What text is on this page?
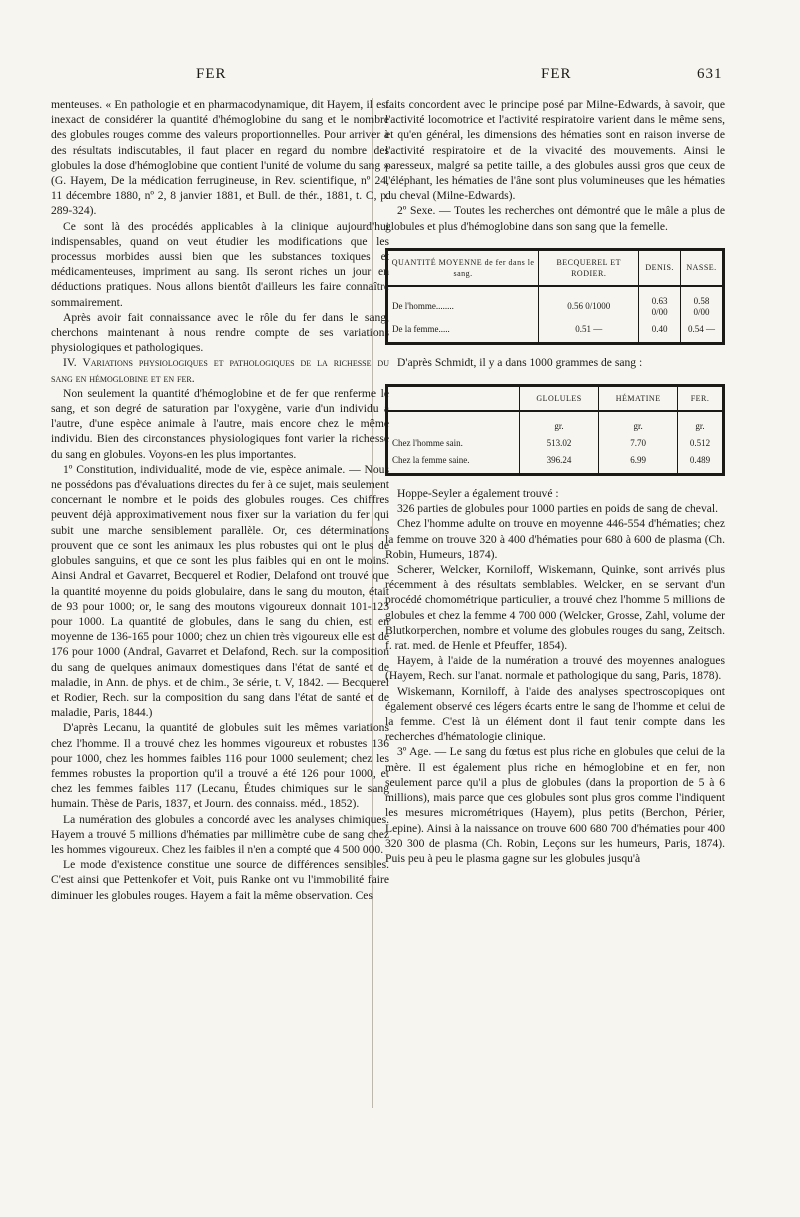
FER	FER	631

menteuses. « En pathologie et en pharmacodynamique, dit Hayem, il est inexact de considérer la quantité d'hémoglobine du sang et le nombre des globules rouges comme des valeurs proportionnelles. Pour arriver à des résultats indiscutables, il faut placer en regard du nombre des globules la dose d'hémoglobine que contient l'unité de volume du sang » (G. Hayem, De la médication ferrugineuse, in Rev. scientifique, nº 24, 11 décembre 1880, nº 2, 8 janvier 1881, et Bull. de thér., 1881, t. C, p. 289-324).

Ce sont là des procédés applicables à la clinique aujourd'hui indispensables, quand on veut étudier les modifications que les processus morbides aussi bien que les substances toxiques et médicamenteuses, impriment au sang. Ils seront riches un jour en déductions pratiques. Nous allons bientôt d'ailleurs les faire connaître sommairement.

Après avoir fait connaissance avec le rôle du fer dans le sang, cherchons maintenant à nous rendre compte de ses variations physiologiques et pathologiques.

IV. Variations physiologiques et pathologiques de la richesse du sang en hémoglobine et en fer.

Non seulement la quantité d'hémoglobine et de fer que renferme le sang, et son degré de saturation par l'oxygène, varie d'un individu à l'autre, d'une espèce animale à l'autre, mais encore chez le même individu. Bien des circonstances physiologiques font varier la richesse du sang en globules. Voyons-en les plus importantes.

1º Constitution, individualité, mode de vie, espèce animale. — Nous ne possédons pas d'évaluations directes du fer à ce sujet, mais seulement concernant le nombre et le poids des globules rouges. Ces chiffres peuvent déjà approximativement nous fixer sur la variation du fer qui subit une marche sensiblement parallèle. Or, ces déterminations prouvent que ce sont les animaux les plus robustes qui ont le plus de globules sanguins, et que ce sont les plus faibles qui en ont le moins. Ainsi Andral et Gavarret, Becquerel et Rodier, Delafond ont trouvé que la quantité moyenne du poids globulaire, dans le sang du mouton, était de 93 pour 1000; or, le sang des moutons vigoureux donnait 101-123 pour 1000. La quantité de globules, dans le sang du chien, est en moyenne de 136-165 pour 1000; chez un chien très vigoureux elle est de 176 pour 1000 (Andral, Gavarret et Delafond, Rech. sur la composition du sang de quelques animaux domestiques dans l'état de santé et de maladie, in Ann. de phys. et de chim., 3e série, t. V, 1842. — Becquerel et Rodier, Rech. sur la composition du sang dans l'état de santé et de maladie, Paris, 1844.)

D'après Lecanu, la quantité de globules suit les mêmes variations chez l'homme. Il a trouvé chez les hommes vigoureux et robustes 136 pour 1000, chez les hommes faibles 116 pour 1000 seulement; chez les femmes robustes la proportion qu'il a trouvé a été 126 pour 1000, et chez les femmes faibles 117 (Lecanu, Études chimiques sur le sang humain. Thèse de Paris, 1837, et Journ. des connaiss. méd., 1852).

La numération des globules a concordé avec les analyses chimiques. Hayem a trouvé 5 millions d'hématies par millimètre cube de sang chez les hommes vigoureux. Chez les faibles il n'en a compté que 4 500 000.

Le mode d'existence constitue une source de différences sensibles. C'est ainsi que Pettenkofer et Voit, puis Ranke ont vu l'immobilité faire diminuer les globules rouges. Hayem a fait la même observation. Ces

faits concordent avec le principe posé par Milne-Edwards, à savoir, que l'activité locomotrice et l'activité respiratoire varient dans le même sens, et qu'en général, les dimensions des hématies sont en raison inverse de l'activité respiratoire et de la vivacité des mouvements. Ainsi le paresseux, malgré sa petite taille, a des globules aussi gros que ceux de l'éléphant, les hématies de l'âne sont plus volumineuses que les hématies du cheval (Milne-Edwards).

2º Sexe. — Toutes les recherches ont démontré que le mâle a plus de globules et plus d'hémoglobine dans son sang que la femelle.

QUANTITÉ MOYENNE de fer dans le sang.	BECQUEREL ET RODIER.	DENIS.	NASSE.
De l'homme........	0.56 0/1000	0.63 0/00	0.58 0/00
De la femme.....	0.51 —	0.40	0.54 —

D'après Schmidt, il y a dans 1000 grammes de sang :

	GLOLULES	HÉMATINE	FER.
	gr.	gr.	gr.
Chez l'homme sain.	513.02	7.70	0.512
Chez la femme saine.	396.24	6.99	0.489

Hoppe-Seyler a également trouvé :

326 parties de globules pour 1000 parties en poids de sang de cheval.

Chez l'homme adulte on trouve en moyenne 446-554 d'hématies; chez la femme on trouve 320 à 400 d'hématies pour 680 à 600 de plasma (Ch. Robin, Humeurs, 1874).

Scherer, Welcker, Korniloff, Wiskemann, Quinke, sont arrivés plus récemment à des résultats semblables. Welcker, en se servant d'un procédé chomométrique particulier, a trouvé chez l'homme 5 millions de globules et chez la femme 4 700 000 (Welcker, Grosse, Zahl, volume der Blutkorperchen, nombre et volume des globules rouges du sang, Zeitsch. f. rat. med. de Henle et Pfeuffer, 1854).

Hayem, à l'aide de la numération a trouvé des moyennes analogues (Hayem, Rech. sur l'anat. normale et pathologique du sang, Paris, 1878).

Wiskemann, Korniloff, à l'aide des analyses spectroscopiques ont également observé ces légers écarts entre le sang de l'homme et celui de la femme. C'est là un élément dont il faut tenir compte dans les recherches d'hématologie clinique.

3º Age. — Le sang du fœtus est plus riche en globules que celui de la mère. Il est également plus riche en hémoglobine et en fer, non seulement parce qu'il a plus de globules (dans la proportion de 5 à 6 millions), mais parce que ces globules sont plus gros comme l'indiquent les mesures micrométriques (Hayem), plus petits (Berchon, Périer, Lepine). Ainsi à la naissance on trouve 600 680 700 d'hématies pour 400 320 300 de plasma (Ch. Robin, Leçons sur les humeurs, Paris, 1874). Puis peu à peu le plasma gagne sur les globules jusqu'à
